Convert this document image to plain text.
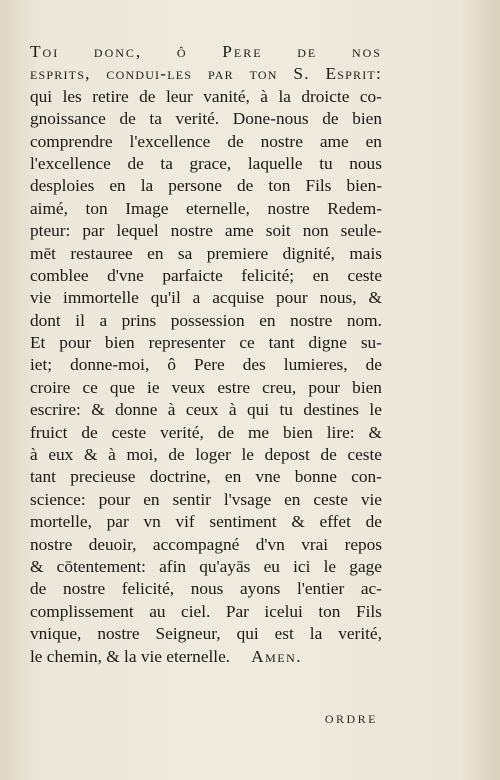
Toi donc, ô Pere de nos
esprits, condui-les par ton S. Esprit:
qui les retire de leur vanité, à la droicte co-
gnoissance de ta verité. Done-nous de bien
comprendre l'excellence de nostre ame en
l'excellence de ta grace, laquelle tu nous
desploies en la persone de ton Fils bien-
aimé, ton Image eternelle, nostre Redem-
pteur: par lequel nostre ame soit non seule-
mēt restauree en sa premiere dignité, mais
comblee d'vne parfaicte felicité; en ceste
vie immortelle qu'il a acquise pour nous, &
dont il a prins possession en nostre nom.
Et pour bien representer ce tant digne su-
iet; donne-moi, ô Pere des lumieres, de
croire ce que ie veux estre creu, pour bien
escrire: & donne à ceux à qui tu destines le
fruict de ceste verité, de me bien lire: &
à eux & à moi, de loger le depost de ceste
tant precieuse doctrine, en vne bonne con-
science: pour en sentir l'vsage en ceste vie
mortelle, par vn vif sentiment & effet de
nostre deuoir, accompagné d'vn vrai repos
& cōtentement: afin qu'ayās eu ici le gage
de nostre felicité, nous ayons l'entier ac-
complissement au ciel. Par icelui ton Fils
vnique, nostre Seigneur, qui est la verité,
le chemin, & la vie eternelle. Amen.
ORDRE
